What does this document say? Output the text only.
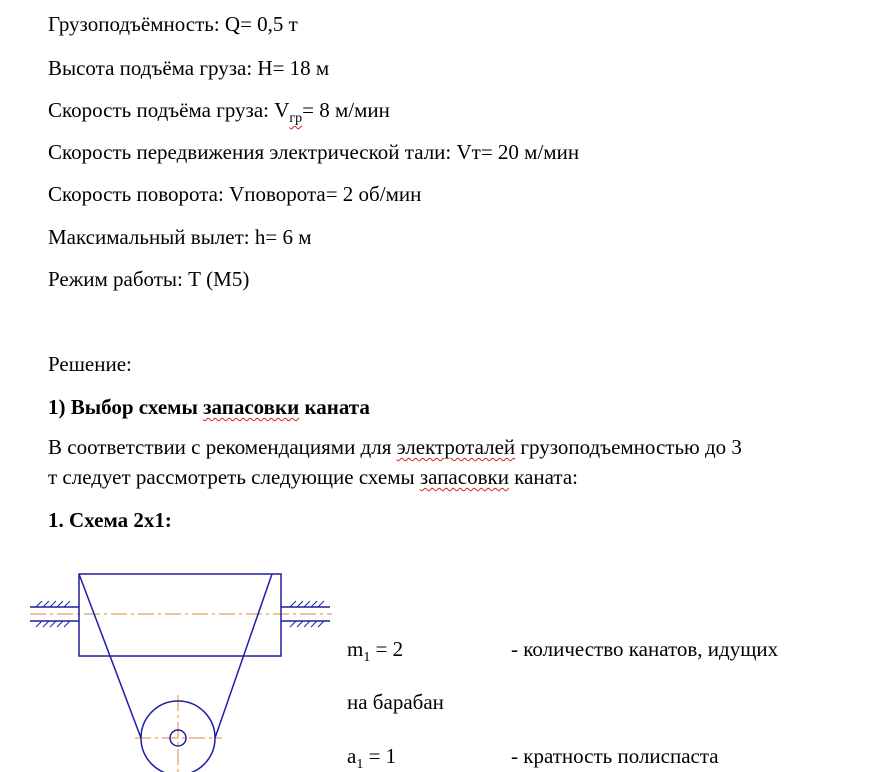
Грузоподъёмность: Q= 0,5 т
Высота подъёма груза: H= 18 м
Скорость подъёма груза: $V_{гр}= 8$ м/мин
Скорость передвижения электрической тали: Vт= 20 м/мин
Скорость поворота: Vповорота= 2 об/мин
Максимальный вылет: h= 6 м
Режим работы: Т (М5)
Решение:
1) Выбор схемы запасовки каната
В соответствии с рекомендациями для электроталей грузоподъемностью до 3
т следует рассмотреть следующие схемы запасовки каната:
1. Схема 2х1:
$m_1 = 2$	- количество канатов, идущих
на барабан
$a_1 = 1$	- кратность полиспаста
